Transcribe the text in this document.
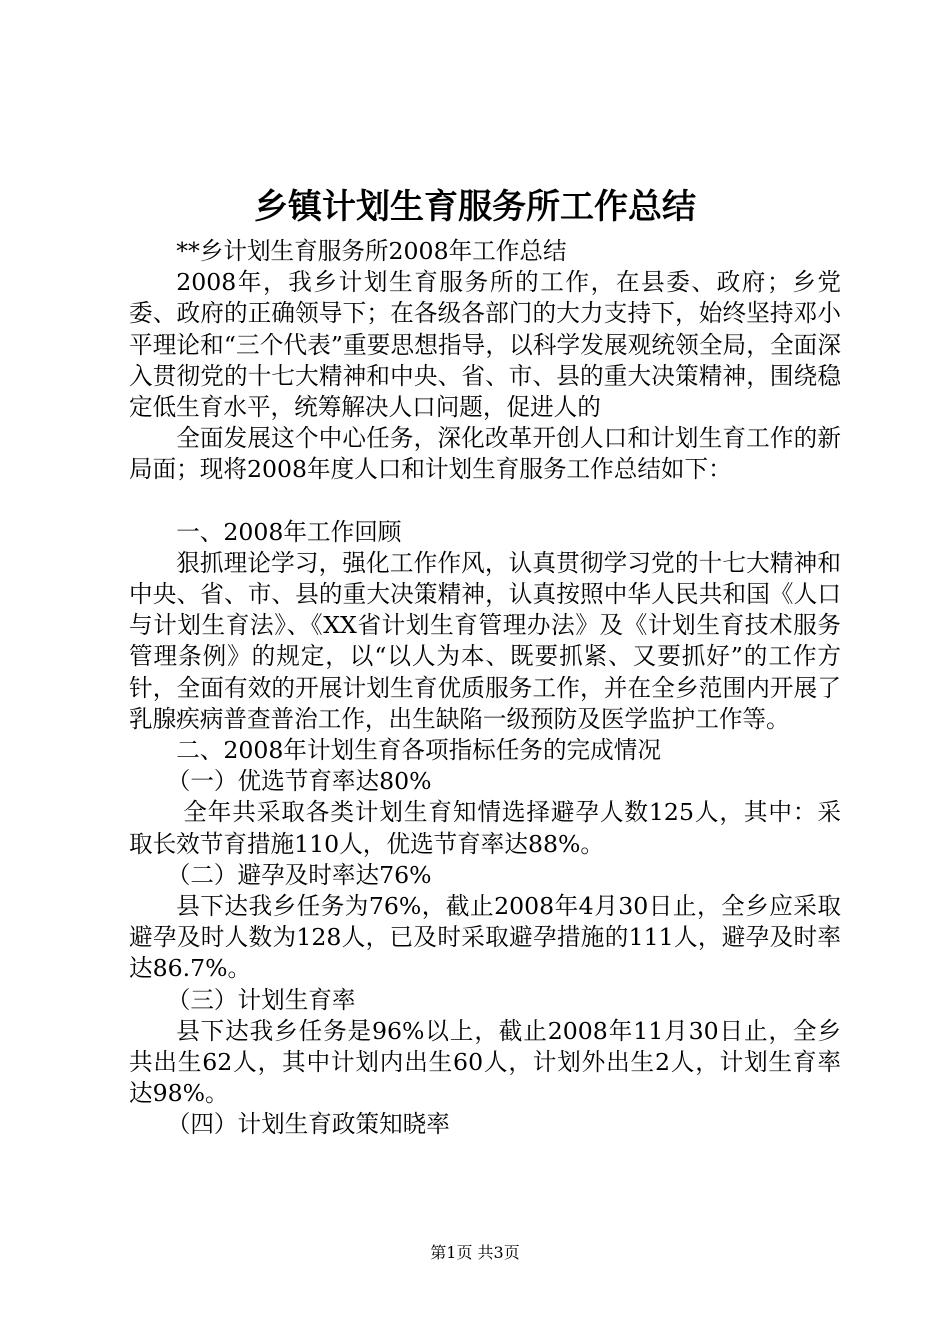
乡镇计划生育服务所工作总结

**乡计划生育服务所2008年工作总结

2008年，我乡计划生育服务所的工作，在县委、政府；乡党委、政府的正确领导下；在各级各部门的大力支持下，始终坚持邓小平理论和“三个代表”重要思想指导，以科学发展观统领全局，全面深入贯彻党的十七大精神和中央、省、市、县的重大决策精神，围绕稳定低生育水平，统筹解决人口问题，促进人的

全面发展这个中心任务，深化改革开创人口和计划生育工作的新局面；现将2008年度人口和计划生育服务工作总结如下：

一、2008年工作回顾

狠抓理论学习，强化工作作风，认真贯彻学习党的十七大精神和中央、省、市、县的重大决策精神，认真按照中华人民共和国《人口与计划生育法》、《XX省计划生育管理办法》及《计划生育技术服务管理条例》的规定，以“以人为本、既要抓紧、又要抓好”的工作方针，全面有效的开展计划生育优质服务工作，并在全乡范围内开展了乳腺疾病普查普治工作，出生缺陷一级预防及医学监护工作等。

二、2008年计划生育各项指标任务的完成情况

（一）优选节育率达80%

全年共采取各类计划生育知情选择避孕人数125人，其中：采取长效节育措施110人，优选节育率达88%。

（二）避孕及时率达76%

县下达我乡任务为76%，截止2008年4月30日止，全乡应采取避孕及时人数为128人，已及时采取避孕措施的111人，避孕及时率达86.7%。

（三）计划生育率

县下达我乡任务是96%以上，截止2008年11月30日止，全乡共出生62人，其中计划内出生60人，计划外出生2人，计划生育率达98%。

（四）计划生育政策知晓率

第1页 共3页
